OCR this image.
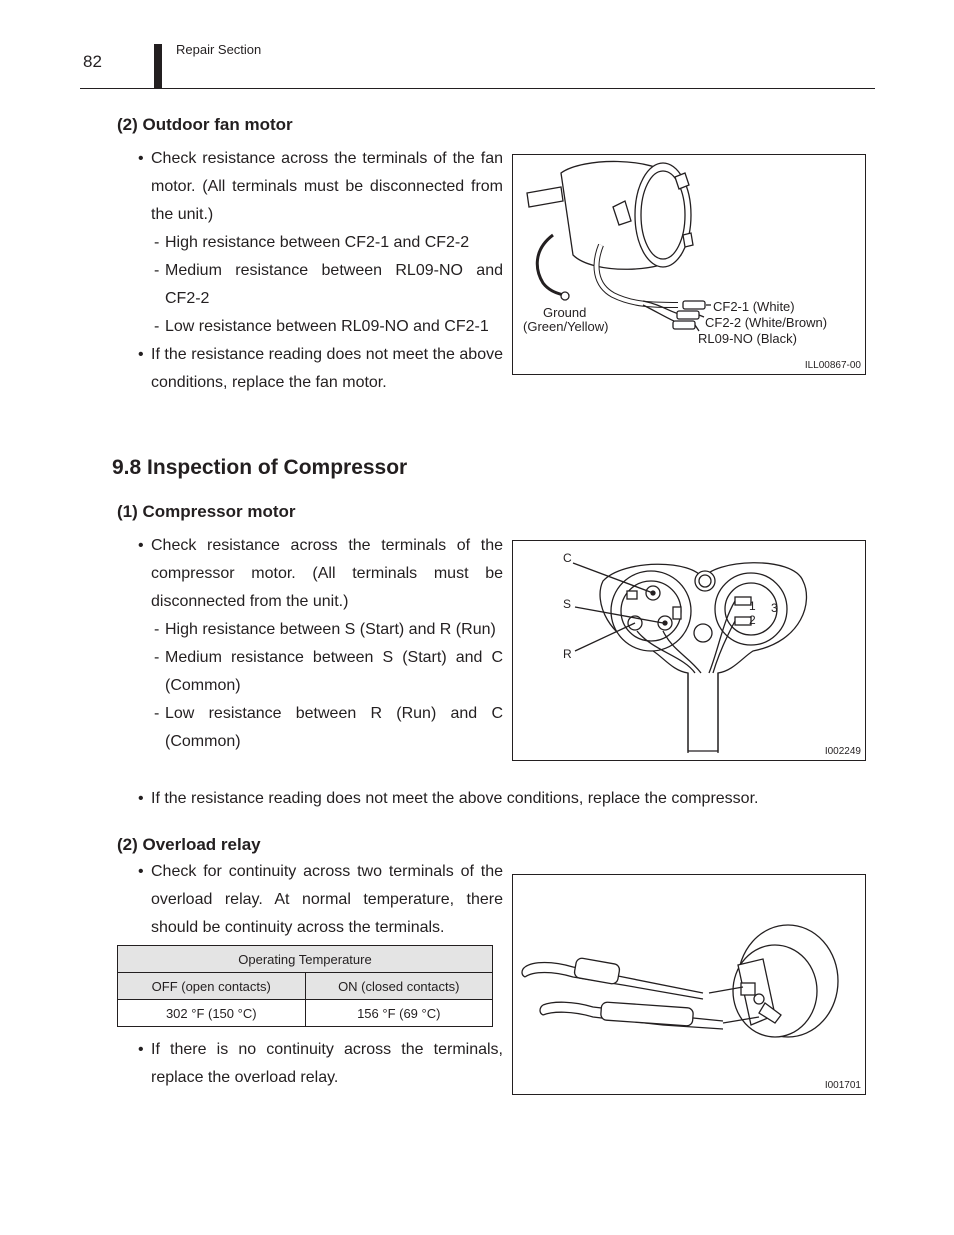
82
Repair Section
(2) Outdoor fan motor
• Check resistance across the terminals of the fan motor. (All terminals must be disconnected from the unit.)
- High resistance between CF2-1 and CF2-2
- Medium resistance between RL09-NO and CF2-2
- Low resistance between RL09-NO and CF2-1
• If the resistance reading does not meet the above conditions, replace the fan motor.
Ground
(Green/Yellow)
CF2-1 (White)
CF2-2 (White/Brown)
RL09-NO (Black)
ILL00867-00
9.8 Inspection of Compressor
(1) Compressor motor
• Check resistance across the terminals of the compressor motor. (All terminals must be disconnected from the unit.)
- High resistance between S (Start) and R (Run)
- Medium resistance between S (Start) and C (Common)
- Low resistance between R (Run) and C (Common)
• If the resistance reading does not meet the above conditions, replace the compressor.
C
S
R
1
2
3
I002249
(2) Overload relay
• Check for continuity across two terminals of the overload relay. At normal temperature, there should be continuity across the terminals.
Operating Temperature	
OFF (open contacts)	ON (closed contacts)
302 °F (150 °C)	156 °F (69 °C)
• If there is no continuity across the terminals, replace the overload relay.	I001701
